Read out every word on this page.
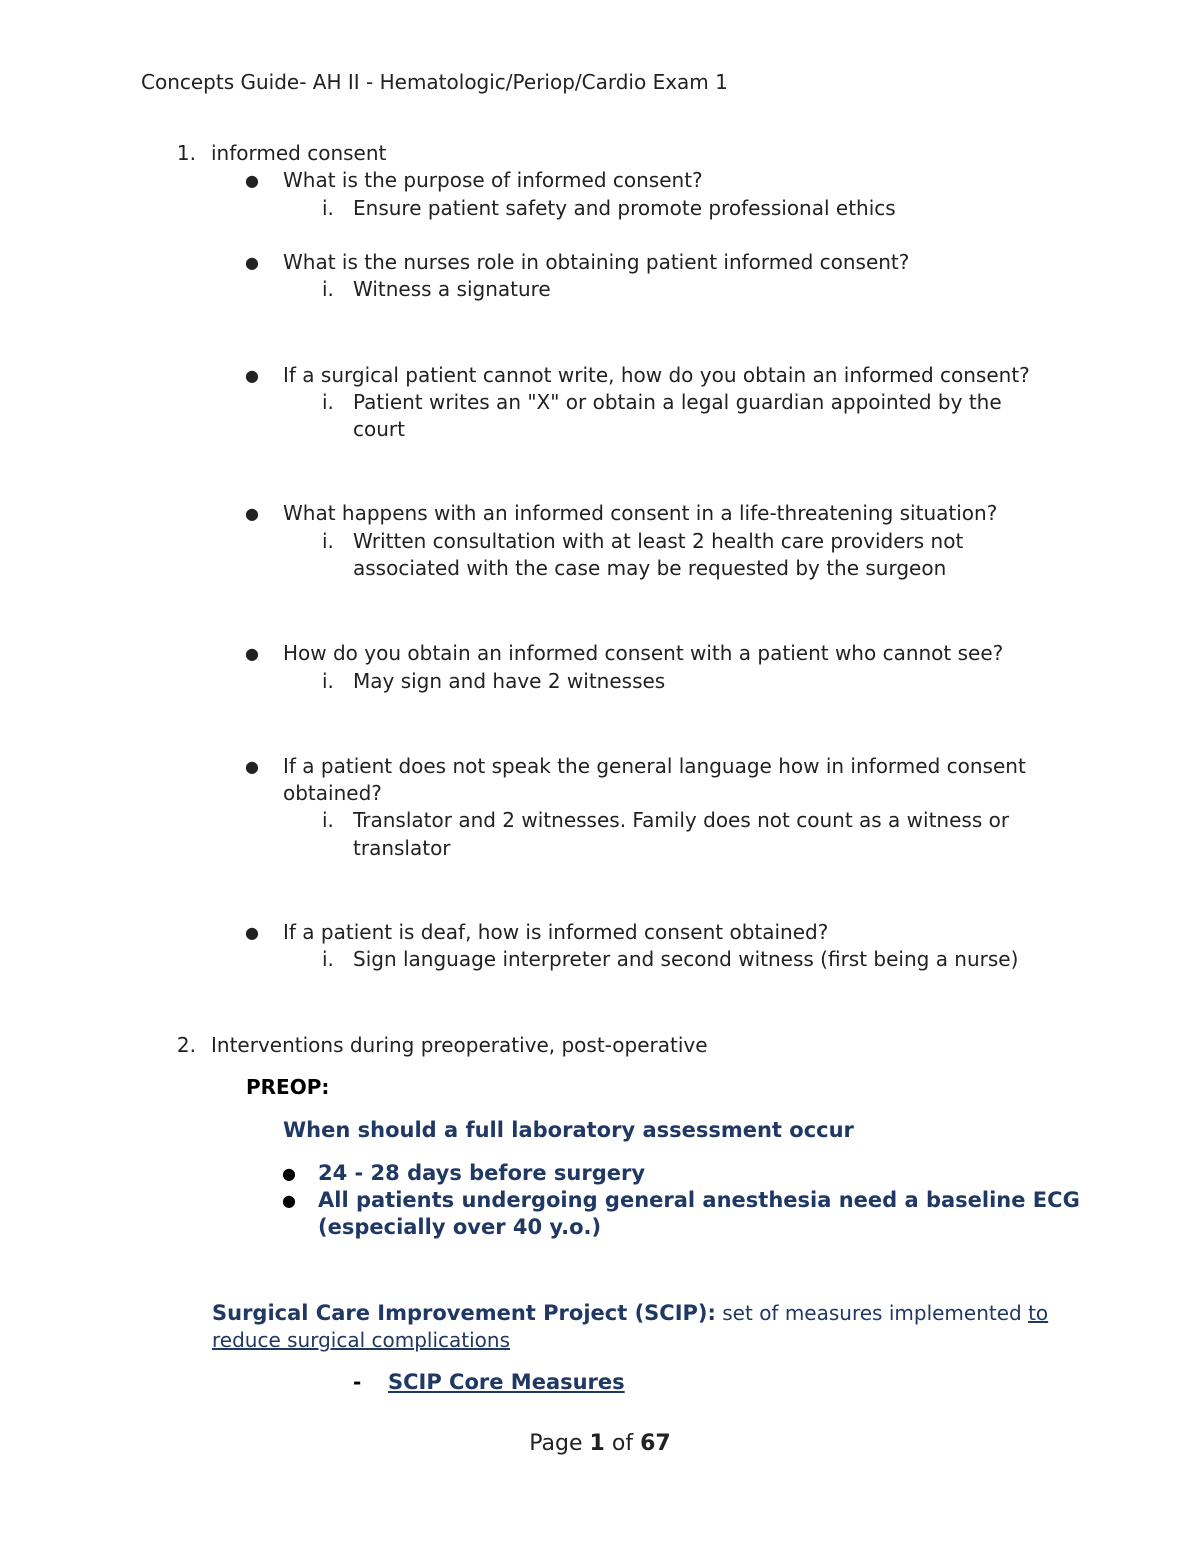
Concepts Guide- AH II - Hematologic/Periop/Cardio Exam 1
1. informed consent
● What is the purpose of informed consent?
i. Ensure patient safety and promote professional ethics
● What is the nurses role in obtaining patient informed consent?
i. Witness a signature
● If a surgical patient cannot write, how do you obtain an informed consent?
i. Patient writes an "X" or obtain a legal guardian appointed by the
court
● What happens with an informed consent in a life-threatening situation?
i. Written consultation with at least 2 health care providers not
associated with the case may be requested by the surgeon
● How do you obtain an informed consent with a patient who cannot see?
i. May sign and have 2 witnesses
● If a patient does not speak the general language how in informed consent
obtained?
i. Translator and 2 witnesses. Family does not count as a witness or
translator
● If a patient is deaf, how is informed consent obtained?
i. Sign language interpreter and second witness (first being a nurse)
2. Interventions during preoperative, post-operative
PREOP:
When should a full laboratory assessment occur
● 24 - 28 days before surgery
● All patients undergoing general anesthesia need a baseline ECG
(especially over 40 y.o.)
Surgical Care Improvement Project (SCIP): set of measures implemented to
reduce surgical complications
- SCIP Core Measures
Page 1 of 67
